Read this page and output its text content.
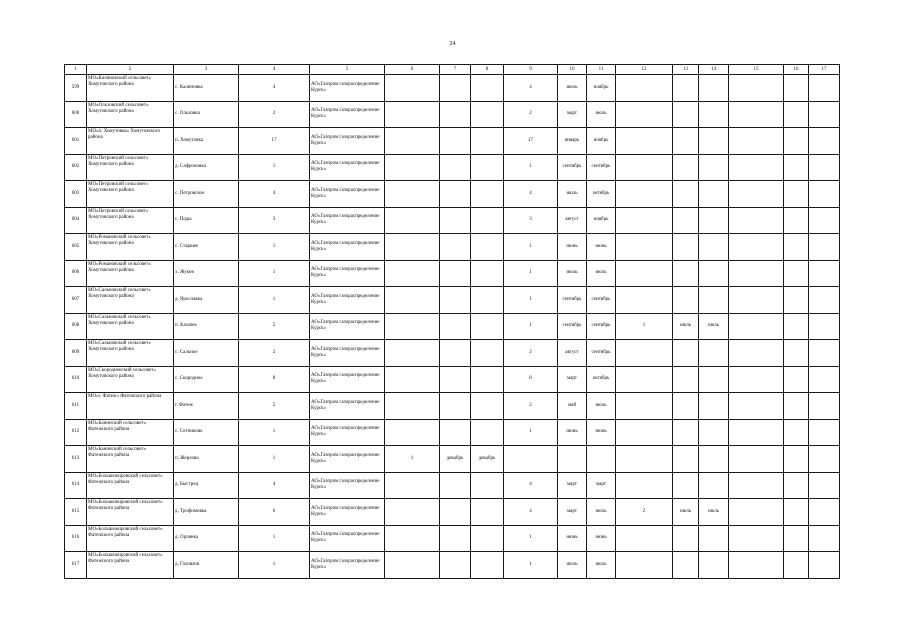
24
1	2	3	4	5	6	7	8	9	10	11	12	13	14	15	16	17
599	МО«Калиновский сельсовет» Хомутовского района	с. Калиновка	4	АО«Газпром газораспределение Курск»				4	июль	ноябрь						
600	МО«Ольховский сельсовет» Хомутовского района	с. Ольховка	2	АО«Газпром газораспределение Курск»				2	март	июль						
601	МО«п. Хомутовка» Хомутовского района	п. Хомутовка	17	АО«Газпром газораспределение Курск»				17	январь	ноябрь						
602	МО«Петровский сельсовет» Хомутовского района	д. Сафроновка	1	АО«Газпром газораспределение Курск»				1	сентябрь	сентябрь						
603	МО«Петровский сельсовет» Хомутовского района	с. Петровское	4	АО«Газпром газораспределение Курск»				4	июль	октябрь						
604	МО«Петровский сельсовет» Хомутовского района	с. Поды	3	АО«Газпром газораспределение Курск»				3	август	ноябрь						
605	МО«Романовский сельсовет» Хомутовского района	с. Старшее	1	АО«Газпром газораспределение Курск»				1	июнь	июнь						
606	МО«Романовский сельсовет» Хомутовского района	х. Жуков	1	АО«Газпром газораспределение Курск»				1	июль	июль						
607	МО«Сальновский сельсовет» Хомутовского района	д. Ярославка	1	АО«Газпром газораспределение Курск»				1	сентябрь	сентябрь						
608	МО«Сальновский сельсовет» Хомутовского района	п. Казачек	2	АО«Газпром газораспределение Курск»				1	сентябрь	сентябрь	1	июль	июль			
609	МО«Сальновский сельсовет» Хомутовского района	с. Сальное	2	АО«Газпром газораспределение Курск»				2	август	сентябрь						
610	МО«Скородненский сельсовет» Хомутовского района	с. Скородное	8	АО«Газпром газораспределение Курск»				8	март	октябрь						
611	МО«г. Фатеж» Фатежского района	г. Фатеж	2	АО«Газпром газораспределение Курск»				2	май	июль						
612	МО«Банинский сельсовет» Фатежского района	с. Сотниково	1	АО«Газпром газораспределение Курск»				1	июнь	июнь						
613	МО«Банинский сельсовет» Фатежского района	п. Жерлово	1	АО«Газпром газораспределение Курск»	1	декабрь	декабрь									
614	МО«Большежировский сельсовет» Фатежского района	д. Быстрец	4	АО«Газпром газораспределение Курск»				4	март	март						
615	МО«Большежировский сельсовет» Фатежского района	д. Трофимовка	6	АО«Газпром газораспределение Курск»				4	март	июль	2	июль	июль			
616	МО«Большежировский сельсовет» Фатежского района	д. Орлянка	1	АО«Газпром газораспределение Курск»				1	июнь	июнь						
617	МО«Большежировский сельсовет» Фатежского района	д. Головачи	1	АО«Газпром газораспределение Курск»				1	июль	июль						
